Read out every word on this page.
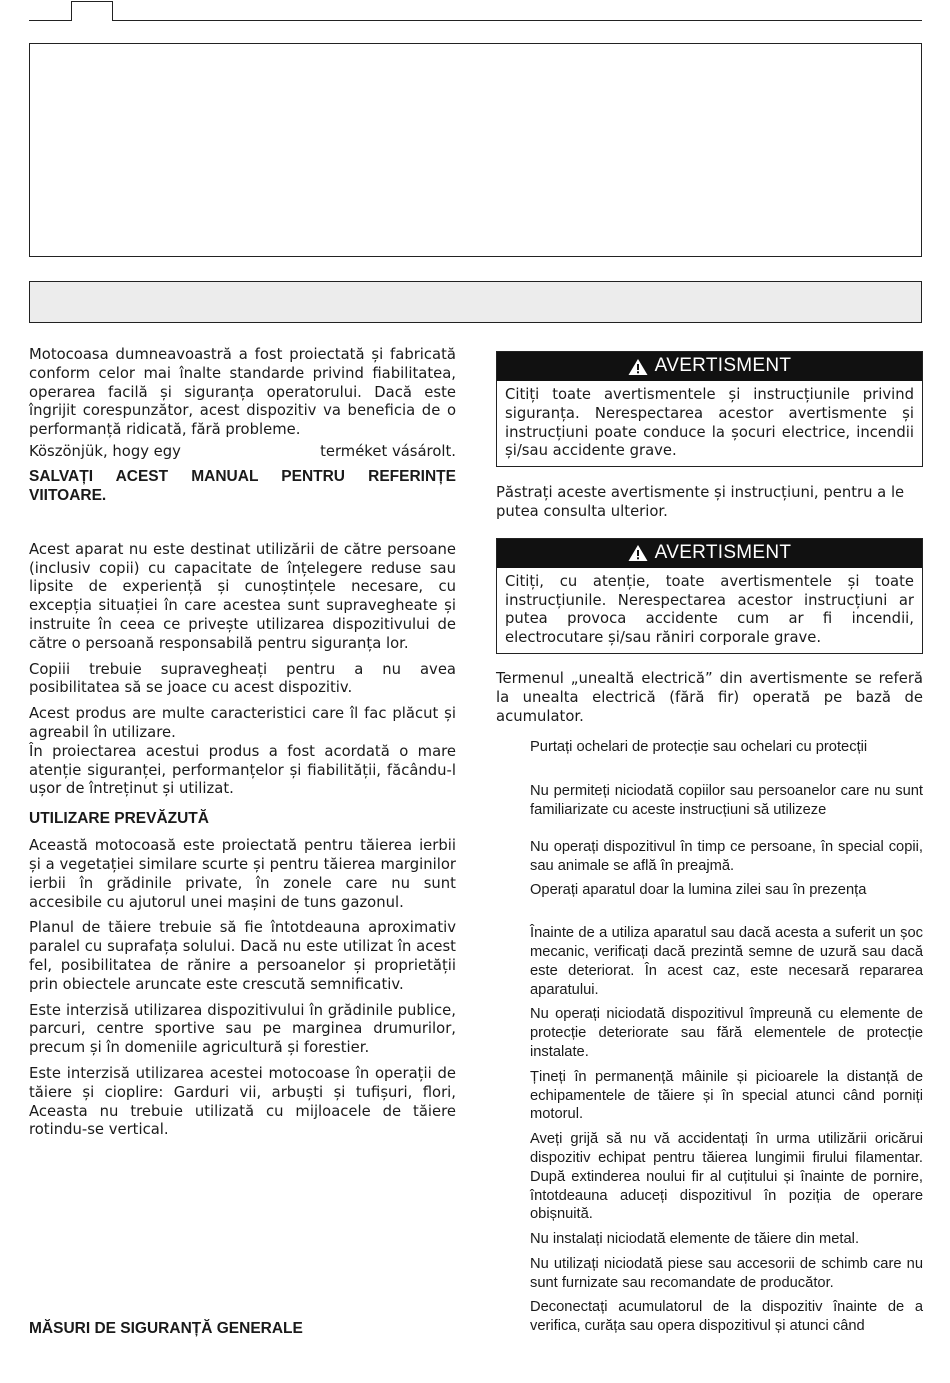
Motocoasa dumneavoastră a fost proiectată și fabricată conform celor mai înalte standarde privind fiabilitatea, operarea facilă și siguranța operatorului. Dacă este îngrijit corespunzător, acest dispozitiv va beneficia de o performanță ridicată, fără probleme.

Köszönjük, hogy egy	terméket vásárolt.

SALVAȚI ACEST MANUAL PENTRU REFERINȚE VIITOARE.

Acest aparat nu este destinat utilizării de către persoane (inclusiv copii) cu capacitate de înțelegere reduse sau lipsite de experiență și cunoștințele necesare, cu excepția situației în care acestea sunt supravegheate și instruite în ceea ce privește utilizarea dispozitivului de către o persoană responsabilă pentru siguranța lor.

Copiii trebuie supravegheați pentru a nu avea posibilitatea să se joace cu acest dispozitiv.

Acest produs are multe caracteristici care îl fac plăcut și agreabil în utilizare.

În proiectarea acestui produs a fost acordată o mare atenție siguranței, performanțelor și fiabilității, făcându-l ușor de întreținut și utilizat.

UTILIZARE PREVĂZUTĂ

Această motocoasă este proiectată pentru tăierea ierbii și a vegetației similare scurte și pentru tăierea marginilor ierbii în grădinile private, în zonele care nu sunt accesibile cu ajutorul unei mașini de tuns gazonul.

Planul de tăiere trebuie să fie întotdeauna aproximativ paralel cu suprafața solului. Dacă nu este utilizat în acest fel, posibilitatea de rănire a persoanelor și proprietății prin obiectele aruncate este crescută semnificativ.

Este interzisă utilizarea dispozitivului în grădinile publice, parcuri, centre sportive sau pe marginea drumurilor, precum și în domeniile agricultură și forestier.

Este interzisă utilizarea acestei motocoase în operații de tăiere și cioplire: Garduri vii, arbuști și tufișuri, flori, Aceasta nu trebuie utilizată cu mijloacele de tăiere rotindu-se vertical.

MĂSURI DE SIGURANȚĂ GENERALE

AVERTISMENT

Citiți toate avertismentele și instrucțiunile privind siguranța. Nerespectarea acestor avertismente și instrucțiuni poate conduce la șocuri electrice, incendii și/sau accidente grave.

Păstrați aceste avertismente și instrucțiuni, pentru a le putea consulta ulterior.

AVERTISMENT

Citiți, cu atenție, toate avertismentele și toate instrucțiunile. Nerespectarea acestor instrucțiuni ar putea provoca accidente cum ar fi incendii, electrocutare și/sau răniri corporale grave.

Termenul „unealtă electrică” din avertismente se referă la unealta electrică (fără fir) operată pe bază de acumulator.

Purtați ochelari de protecție sau ochelari cu protecții

Nu permiteți niciodată copiilor sau persoanelor care nu sunt familiarizate cu aceste instrucțiuni să utilizeze

Nu operați dispozitivul în timp ce persoane, în special copii, sau animale se află în preajmă.

Operați aparatul doar la lumina zilei sau în prezența

Înainte de a utiliza aparatul sau dacă acesta a suferit un șoc mecanic, verificați dacă prezintă semne de uzură sau dacă este deteriorat. În acest caz, este necesară repararea aparatului.

Nu operați niciodată dispozitivul împreună cu elemente de protecție deteriorate sau fără elementele de protecție instalate.

Țineți în permanență mâinile și picioarele la distanță de echipamentele de tăiere și în special atunci când porniți motorul.

Aveți grijă să nu vă accidentați în urma utilizării oricărui dispozitiv echipat pentru tăierea lungimii firului filamentar. După extinderea noului fir al cuțitului și înainte de pornire, întotdeauna aduceți dispozitivul în poziția de operare obișnuită.

Nu instalați niciodată elemente de tăiere din metal.

Nu utilizați niciodată piese sau accesorii de schimb care nu sunt furnizate sau recomandate de producător.

Deconectați acumulatorul de la dispozitiv înainte de a verifica, curăța sau opera dispozitivul și atunci când
